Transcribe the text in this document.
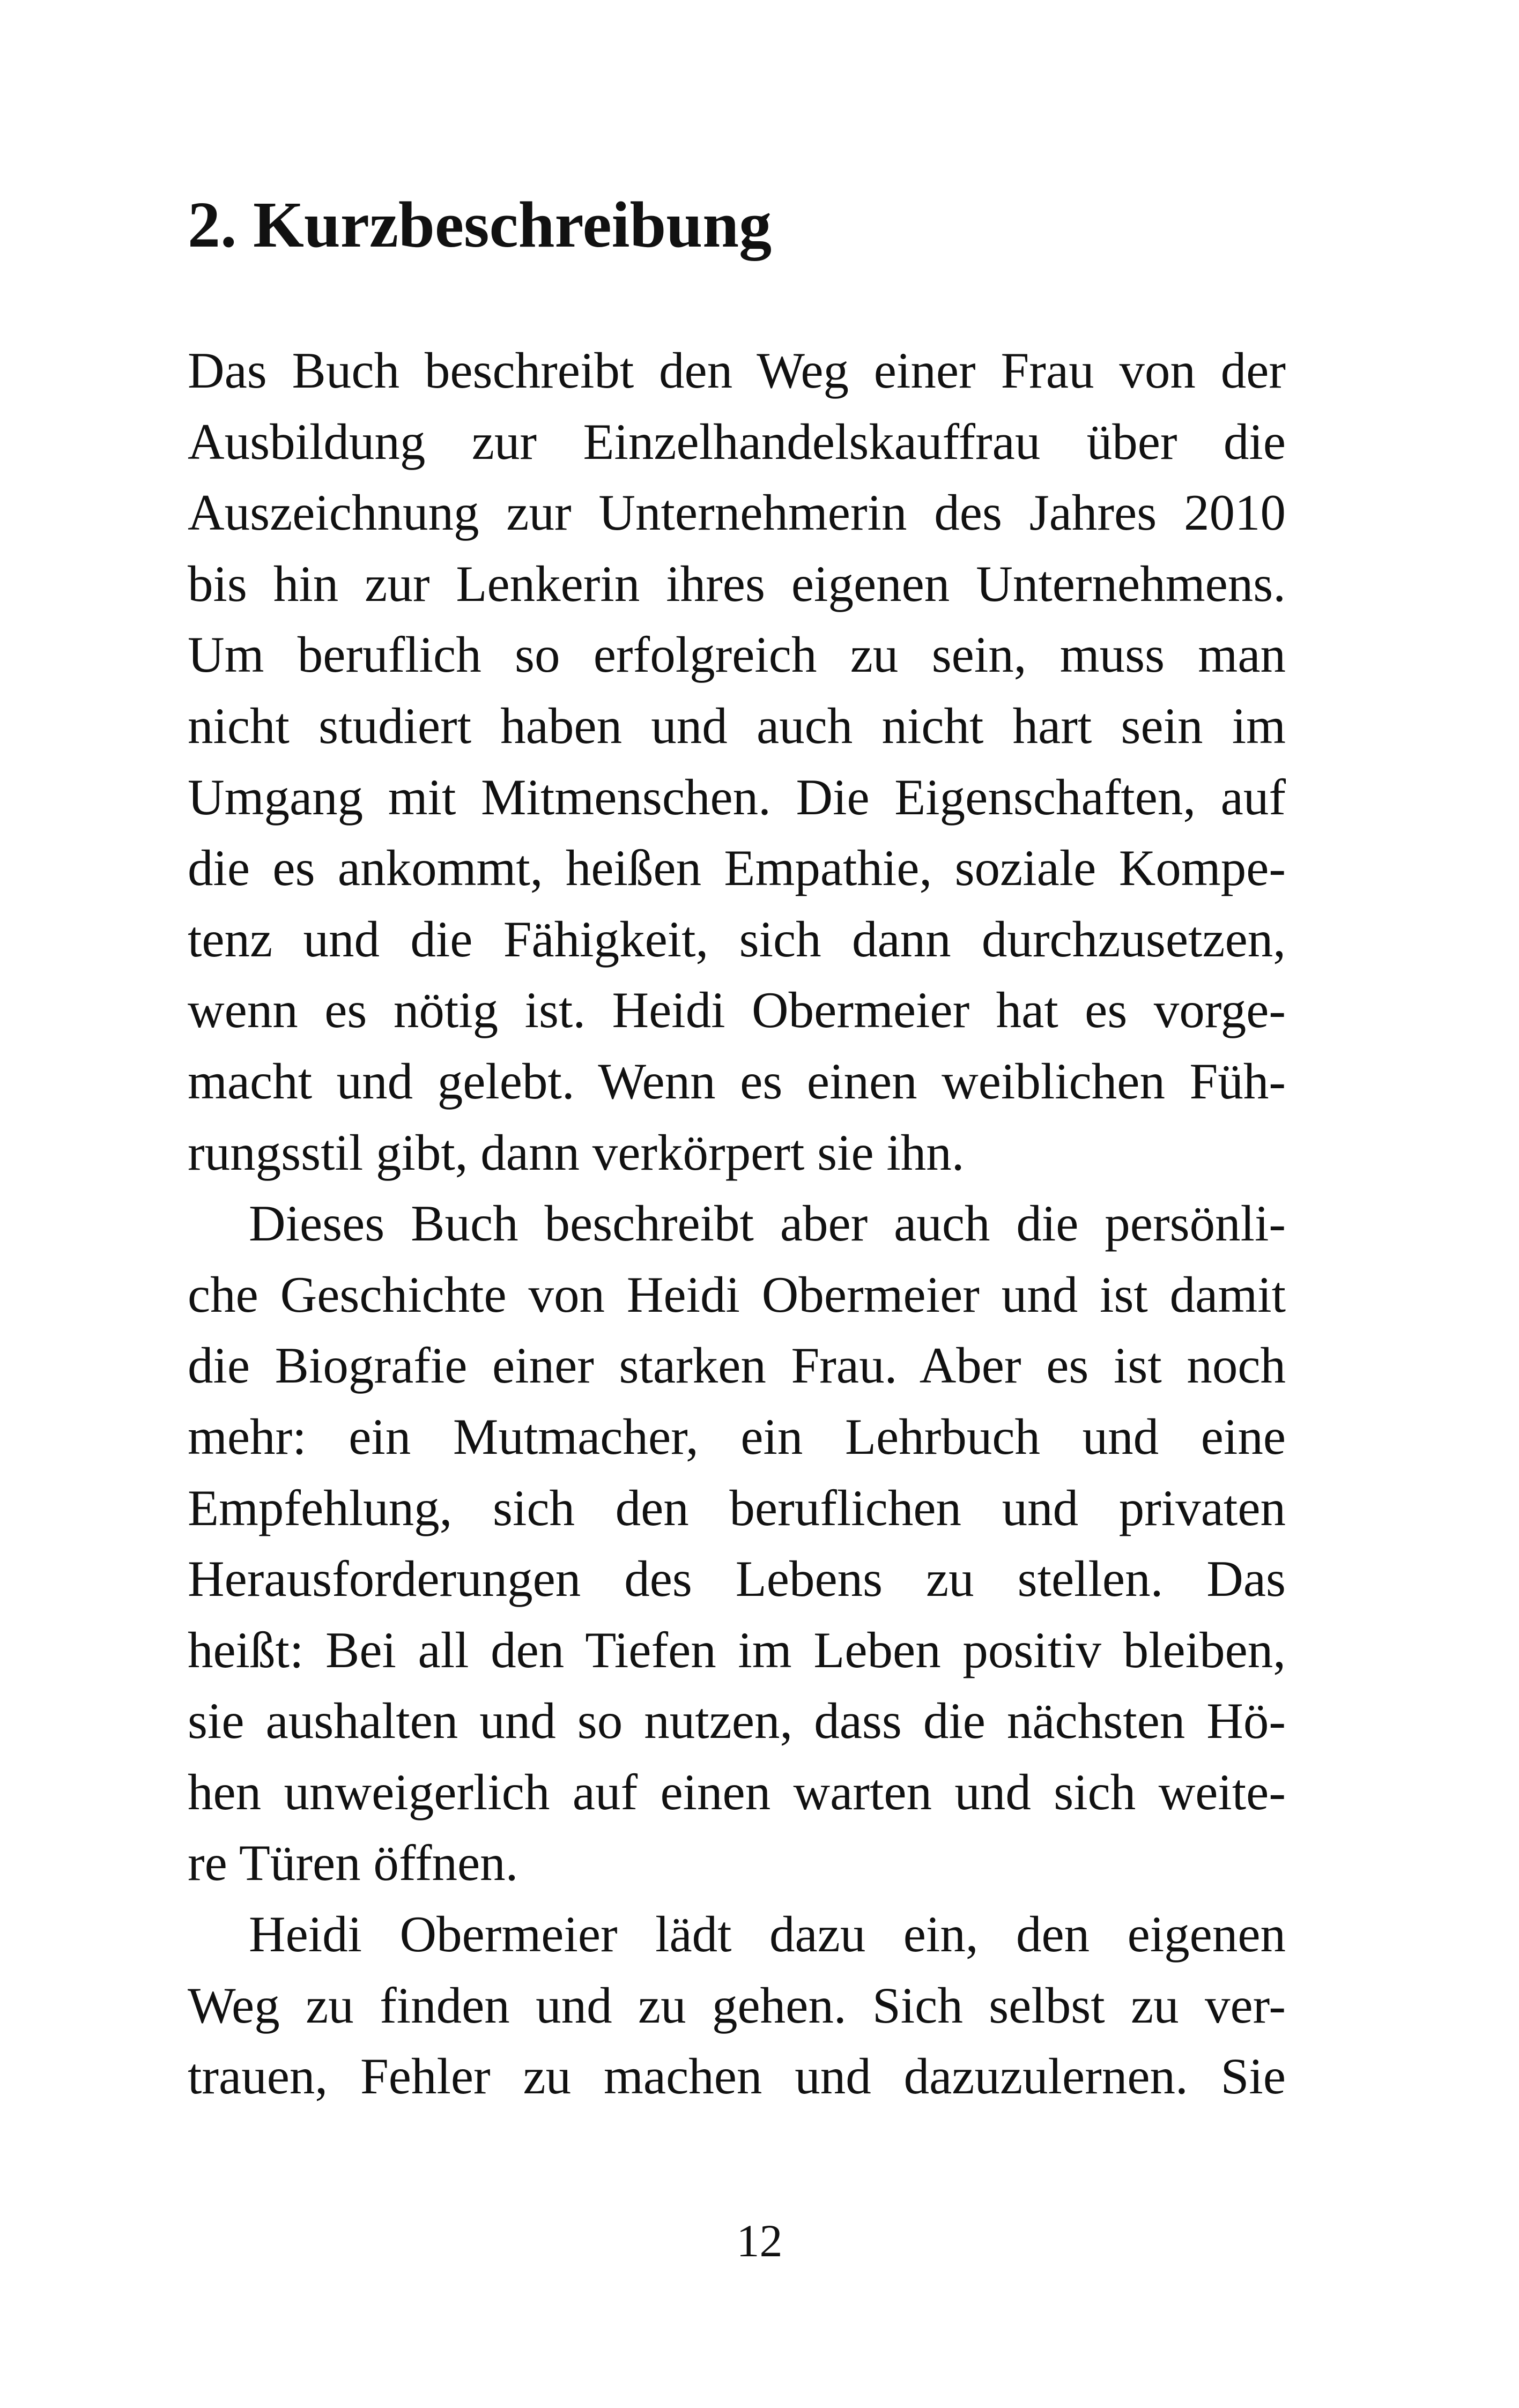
2. Kurzbeschreibung
Das Buch beschreibt den Weg einer Frau von der
Ausbildung zur Einzelhandelskauffrau über die
Auszeichnung zur Unternehmerin des Jahres 2010
bis hin zur Lenkerin ihres eigenen Unternehmens.
Um beruflich so erfolgreich zu sein, muss man
nicht studiert haben und auch nicht hart sein im
Umgang mit Mitmenschen. Die Eigenschaften, auf
die es ankommt, heißen Empathie, soziale Kompe-
tenz und die Fähigkeit, sich dann durchzusetzen,
wenn es nötig ist. Heidi Obermeier hat es vorge-
macht und gelebt. Wenn es einen weiblichen Füh-
rungsstil gibt, dann verkörpert sie ihn.
Dieses Buch beschreibt aber auch die persönli-
che Geschichte von Heidi Obermeier und ist damit
die Biografie einer starken Frau. Aber es ist noch
mehr: ein Mutmacher, ein Lehrbuch und eine
Empfehlung, sich den beruflichen und privaten
Herausforderungen des Lebens zu stellen. Das
heißt: Bei all den Tiefen im Leben positiv bleiben,
sie aushalten und so nutzen, dass die nächsten Hö-
hen unweigerlich auf einen warten und sich weite-
re Türen öffnen.
Heidi Obermeier lädt dazu ein, den eigenen
Weg zu finden und zu gehen. Sich selbst zu ver-
trauen, Fehler zu machen und dazuzulernen. Sie
12
